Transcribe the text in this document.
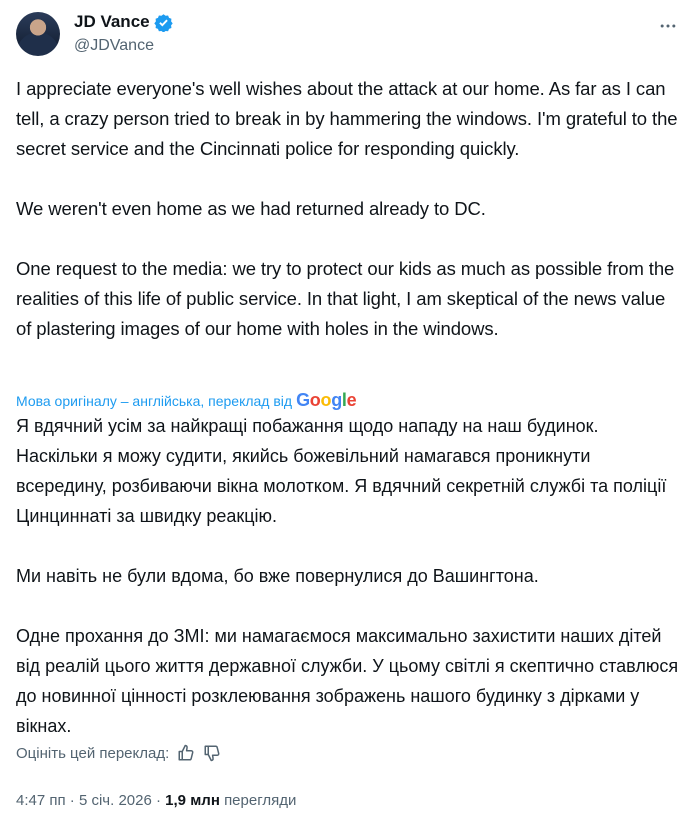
JD Vance
@JDVance
I appreciate everyone's well wishes about the attack at our home. As far as I can tell, a crazy person tried to break in by hammering the windows. I'm grateful to the secret service and the Cincinnati police for responding quickly.

We weren't even home as we had returned already to DC.

One request to the media: we try to protect our kids as much as possible from the realities of this life of public service. In that light, I am skeptical of the news value of plastering images of our home with holes in the windows.
Мова оригіналу – англійська, переклад від Google
Я вдячний усім за найкращі побажання щодо нападу на наш будинок. Наскільки я можу судити, якийсь божевільний намагався проникнути всередину, розбиваючи вікна молотком. Я вдячний секретній службі та поліції Цинциннаті за швидку реакцію.

Ми навіть не були вдома, бо вже повернулися до Вашингтона.

Одне прохання до ЗМІ: ми намагаємося максимально захистити наших дітей від реалій цього життя державної служби. У цьому світлі я скептично ставлюся до новинної цінності розклеювання зображень нашого будинку з дірками у вікнах.
Оцініть цей переклад:
4:47 пп · 5 січ. 2026 · 1,9 млн перегляди
